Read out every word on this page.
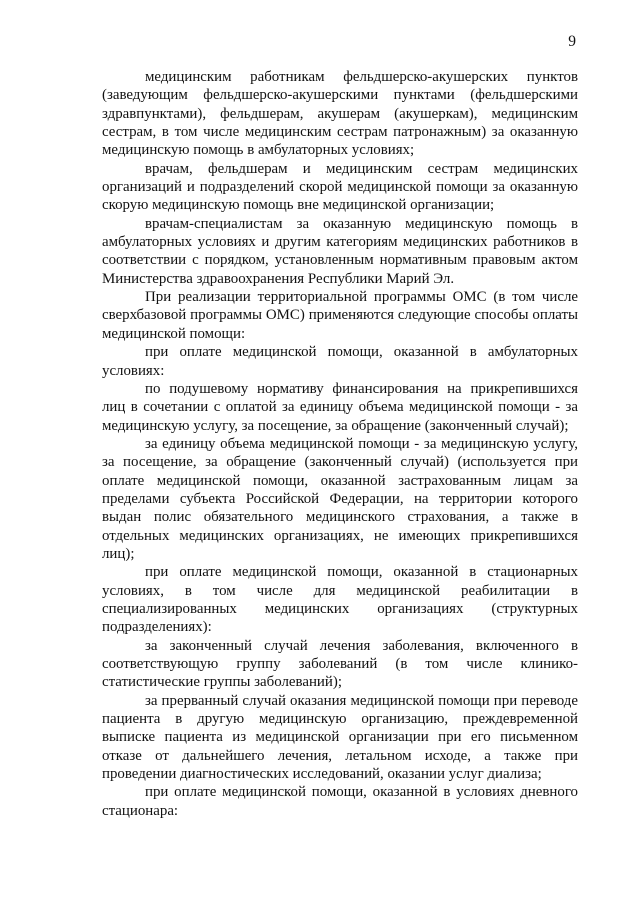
9

медицинским работникам фельдшерско-акушерских пунктов (заведующим фельдшерско-акушерскими пунктами (фельдшерскими здравпунктами), фельдшерам, акушерам (акушеркам), медицинским сестрам, в том числе медицинским сестрам патронажным) за оказанную медицинскую помощь в амбулаторных условиях;

врачам, фельдшерам и медицинским сестрам медицинских организаций и подразделений скорой медицинской помощи за оказанную скорую медицинскую помощь вне медицинской организации;

врачам-специалистам за оказанную медицинскую помощь в амбулаторных условиях и другим категориям медицинских работников в соответствии с порядком, установленным нормативным правовым актом Министерства здравоохранения Республики Марий Эл.

При реализации территориальной программы ОМС (в том числе сверхбазовой программы ОМС) применяются следующие способы оплаты медицинской помощи:

при оплате медицинской помощи, оказанной в амбулаторных условиях:

по подушевому нормативу финансирования на прикрепившихся лиц в сочетании с оплатой за единицу объема медицинской помощи - за медицинскую услугу, за посещение, за обращение (законченный случай);

за единицу объема медицинской помощи - за медицинскую услугу, за посещение, за обращение (законченный случай) (используется при оплате медицинской помощи, оказанной застрахованным лицам за пределами субъекта Российской Федерации, на территории которого выдан полис обязательного медицинского страхования, а также в отдельных медицинских организациях, не имеющих прикрепившихся лиц);

при оплате медицинской помощи, оказанной в стационарных условиях, в том числе для медицинской реабилитации в специализированных медицинских организациях (структурных подразделениях):

за законченный случай лечения заболевания, включенного в соответствующую группу заболеваний (в том числе клинико-статистические группы заболеваний);

за прерванный случай оказания медицинской помощи при переводе пациента в другую медицинскую организацию, преждевременной выписке пациента из медицинской организации при его письменном отказе от дальнейшего лечения, летальном исходе, а также при проведении диагностических исследований, оказании услуг диализа;

при оплате медицинской помощи, оказанной в условиях дневного стационара:
